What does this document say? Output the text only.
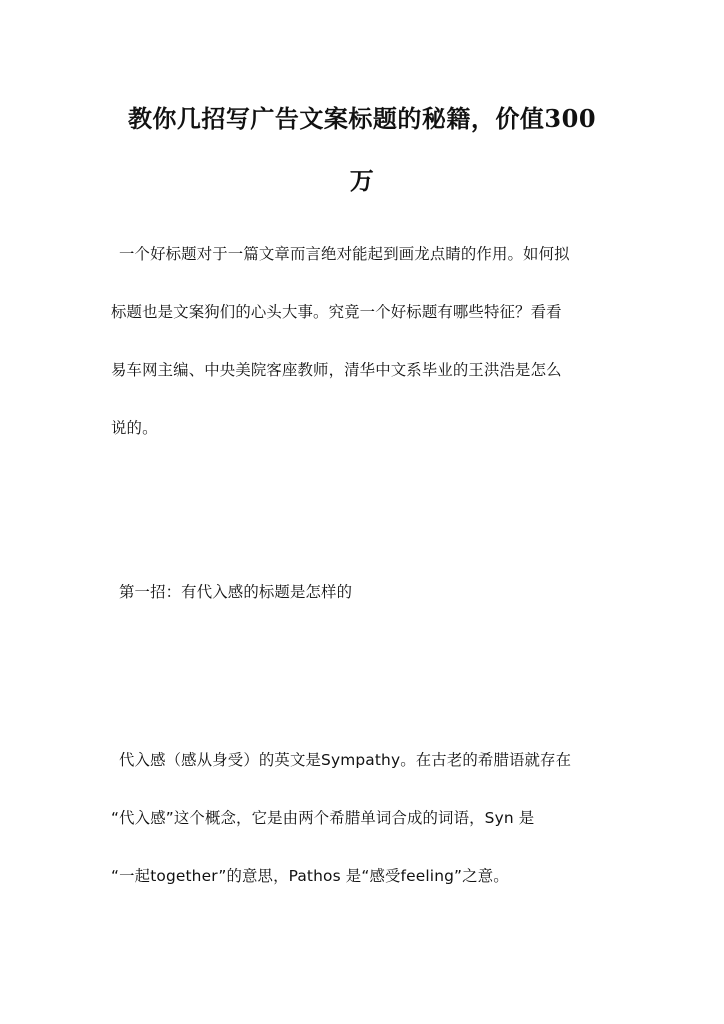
教你几招写广告文案标题的秘籍，价值300
万

一个好标题对于一篇文章而言绝对能起到画龙点睛的作用。如何拟
标题也是文案狗们的心头大事。究竟一个好标题有哪些特征？看看
易车网主编、中央美院客座教师，清华中文系毕业的王洪浩是怎么
说的。

第一招：有代入感的标题是怎样的

代入感（感从身受）的英文是Sympathy。在古老的希腊语就存在
“代入感”这个概念，它是由两个希腊单词合成的词语，Syn 是
“一起together”的意思，Pathos 是“感受feeling”之意。
